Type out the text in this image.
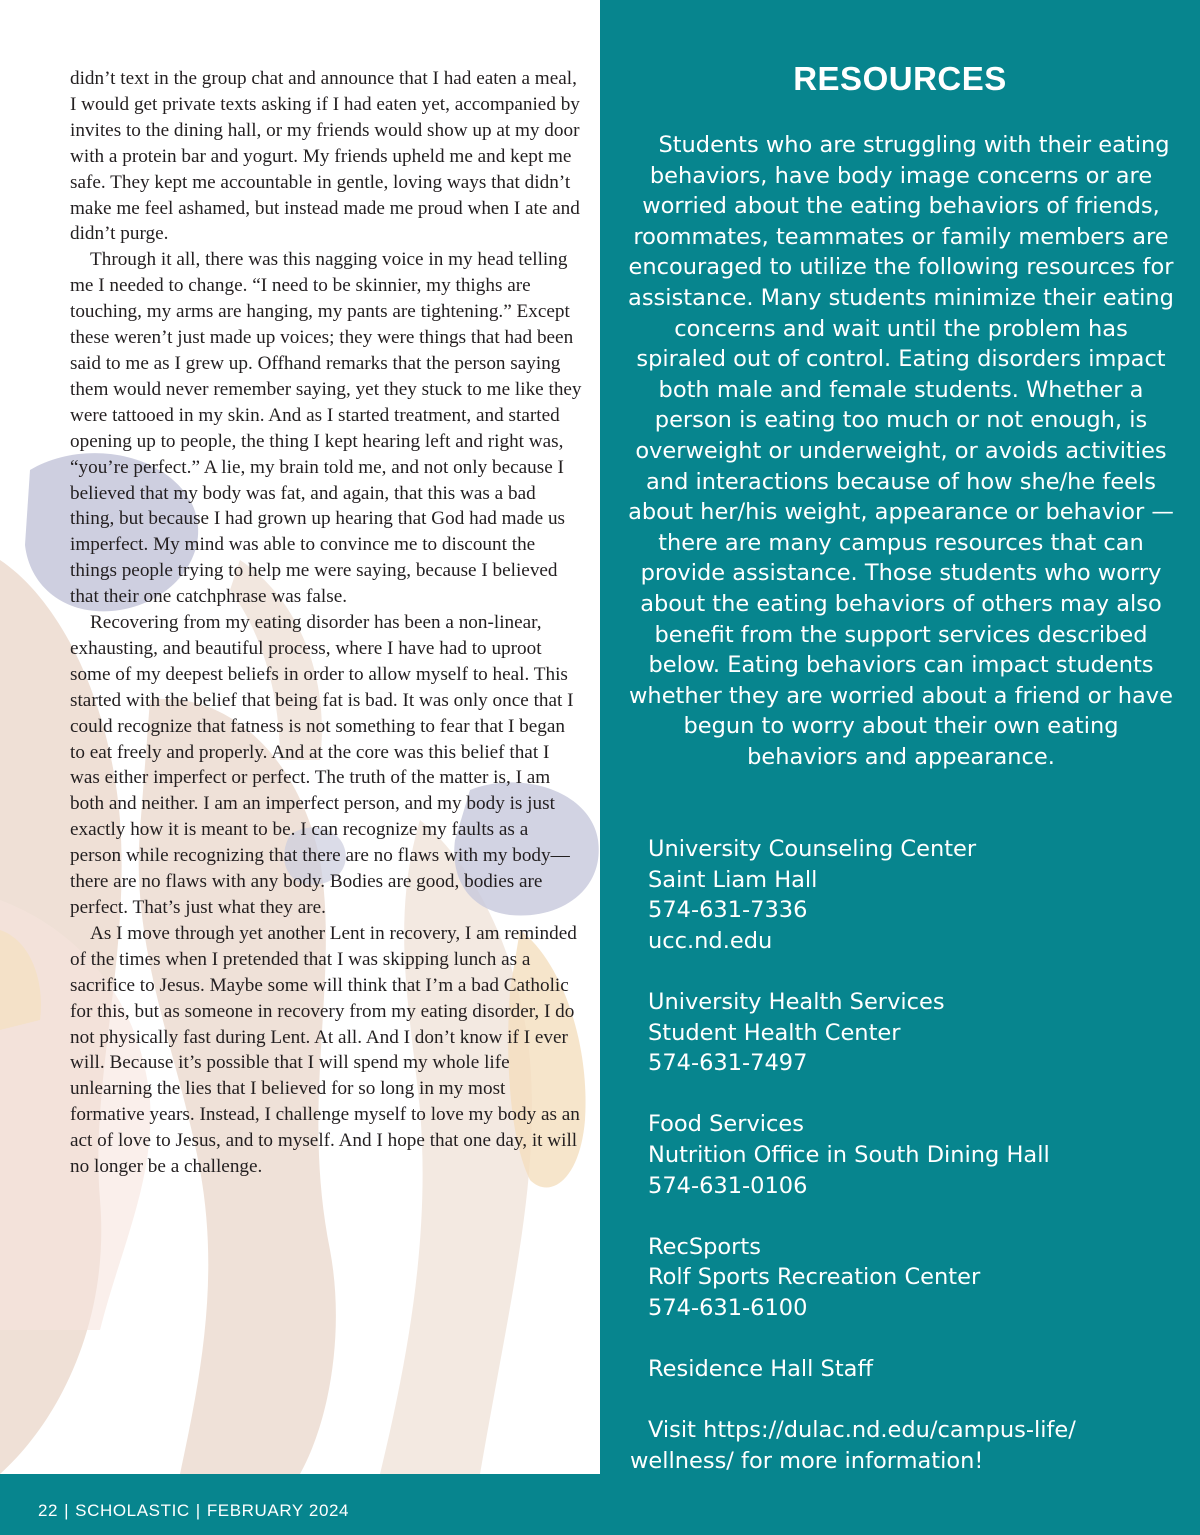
didn’t text in the group chat and announce that I had eaten a meal, I would get private texts asking if I had eaten yet, accompanied by invites to the dining hall, or my friends would show up at my door with a protein bar and yogurt. My friends upheld me and kept me safe. They kept me accountable in gentle, loving ways that didn’t make me feel ashamed, but instead made me proud when I ate and didn’t purge.

Through it all, there was this nagging voice in my head telling me I needed to change. “I need to be skinnier, my thighs are touching, my arms are hanging, my pants are tightening.” Except these weren’t just made up voices; they were things that had been said to me as I grew up. Offhand remarks that the person saying them would never remember saying, yet they stuck to me like they were tattooed in my skin. And as I started treatment, and started opening up to people, the thing I kept hearing left and right was, “you’re perfect.” A lie, my brain told me, and not only because I believed that my body was fat, and again, that this was a bad thing, but because I had grown up hearing that God had made us imperfect. My mind was able to convince me to discount the things people trying to help me were saying, because I believed that their one catchphrase was false.

Recovering from my eating disorder has been a non-linear, exhausting, and beautiful process, where I have had to uproot some of my deepest beliefs in order to allow myself to heal. This started with the belief that being fat is bad. It was only once that I could recognize that fatness is not something to fear that I began to eat freely and properly. And at the core was this belief that I was either imperfect or perfect. The truth of the matter is, I am both and neither. I am an imperfect person, and my body is just exactly how it is meant to be. I can recognize my faults as a person while recognizing that there are no flaws with my body—there are no flaws with any body. Bodies are good, bodies are perfect. That’s just what they are.

As I move through yet another Lent in recovery, I am reminded of the times when I pretended that I was skipping lunch as a sacrifice to Jesus. Maybe some will think that I’m a bad Catholic for this, but as someone in recovery from my eating disorder, I do not physically fast during Lent. At all. And I don’t know if I ever will. Because it’s possible that I will spend my whole life unlearning the lies that I believed for so long in my most formative years. Instead, I challenge myself to love my body as an act of love to Jesus, and to myself. And I hope that one day, it will no longer be a challenge.

RESOURCES

Students who are struggling with their eating behaviors, have body image concerns or are worried about the eating behaviors of friends, roommates, teammates or family members are encouraged to utilize the following resources for assistance. Many students minimize their eating concerns and wait until the problem has spiraled out of control. Eating disorders impact both male and female students. Whether a person is eating too much or not enough, is overweight or underweight, or avoids activities and interactions because of how she/he feels about her/his weight, appearance or behavior — there are many campus resources that can provide assistance. Those students who worry about the eating behaviors of others may also benefit from the support services described below. Eating behaviors can impact students whether they are worried about a friend or have begun to worry about their own eating behaviors and appearance.

University Counseling Center
Saint Liam Hall
574-631-7336
ucc.nd.edu
University Health Services
Student Health Center
574-631-7497
Food Services
Nutrition Office in South Dining Hall
574-631-0106
RecSports
Rolf Sports Recreation Center
574-631-6100
Residence Hall Staff
Visit https://dulac.nd.edu/campus-life/
wellness/ for more information!
22 | SCHOLASTIC | FEBRUARY 2024
